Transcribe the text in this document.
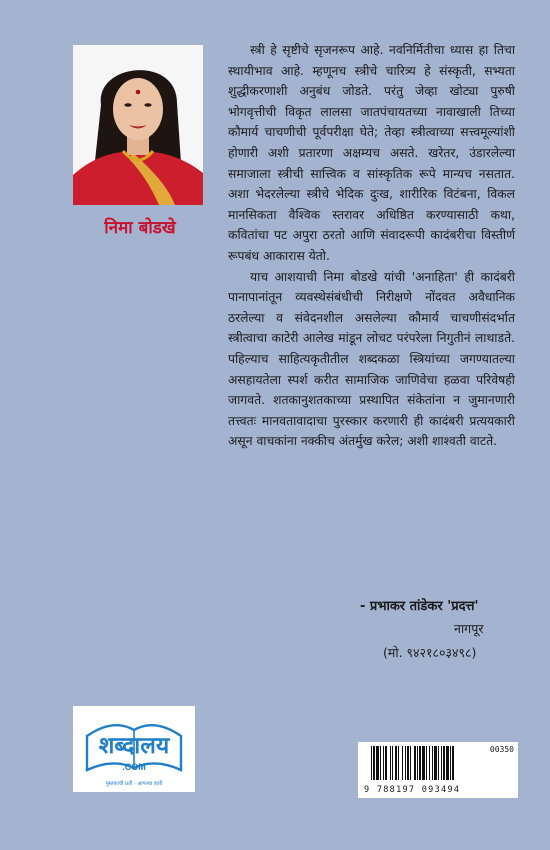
निमा बोडखे

स्त्री हे सृष्टीचे सृजनरूप आहे. नवनिर्मितीचा ध्यास हा तिचा स्थायीभाव आहे. म्हणूनच स्त्रीचे चारित्र्य हे संस्कृती, सभ्यता शुद्धीकरणाशी अनुबंध जोडते. परंतु जेव्हा खोट्या पुरुषी भोगवृत्तीची विकृत लालसा जातपंचायतच्या नावाखाली तिच्या कौमार्य चाचणीची पूर्वपरीक्षा घेते; तेव्हा स्त्रीत्वाच्या सत्त्वमूल्यांशी होणारी अशी प्रतारणा अक्षम्यच असते. खरेतर, उंडारलेल्या समाजाला स्त्रीची सात्त्विक व सांस्कृतिक रूपे मान्यच नसतात. अशा भेदरलेल्या स्त्रीचे भेदिक दुःख, शारीरिक विटंबना, विकल मानसिकता वैश्विक स्तरावर अधिष्ठित करण्यासाठी कथा, कवितांचा पट अपुरा ठरतो आणि संवादरूपी कादंबरीचा विस्तीर्ण रूपबंध आकारास येतो.

याच आशयाची निमा बोडखे यांची 'अनाहिता' ही कादंबरी पानापानांतून व्यवस्थेसंबंधीची निरीक्षणे नोंदवत अवैधानिक ठरलेल्या व संवेदनशील असलेल्या कौमार्य चाचणीसंदर्भात स्त्रीत्वाचा काटेरी आलेख मांडून लोचट परंपरेला निगुतीनं लाथाडते. पहिल्याच साहित्यकृतीतील शब्दकळा स्त्रियांच्या जगण्यातल्या असहायतेला स्पर्श करीत सामाजिक जाणिवेचा हळवा परिवेषही जागवते. शतकानुशतकाच्या प्रस्थापित संकेतांना न जुमानणारी तत्त्वतः मानवतावादाचा पुरस्कार करणारी ही कादंबरी प्रत्ययकारी असून वाचकांना नक्कीच अंतर्मुख करेल; अशी शाश्वती वाटते.

- प्रभाकर तांडेकर 'प्रदत्त'
नागपूर
(मो. ९४२१८०३४९८)
शब्दालय
.COM
पुस्तकाची प्रती · आपल्या हाती
00350
9 788197 093494
